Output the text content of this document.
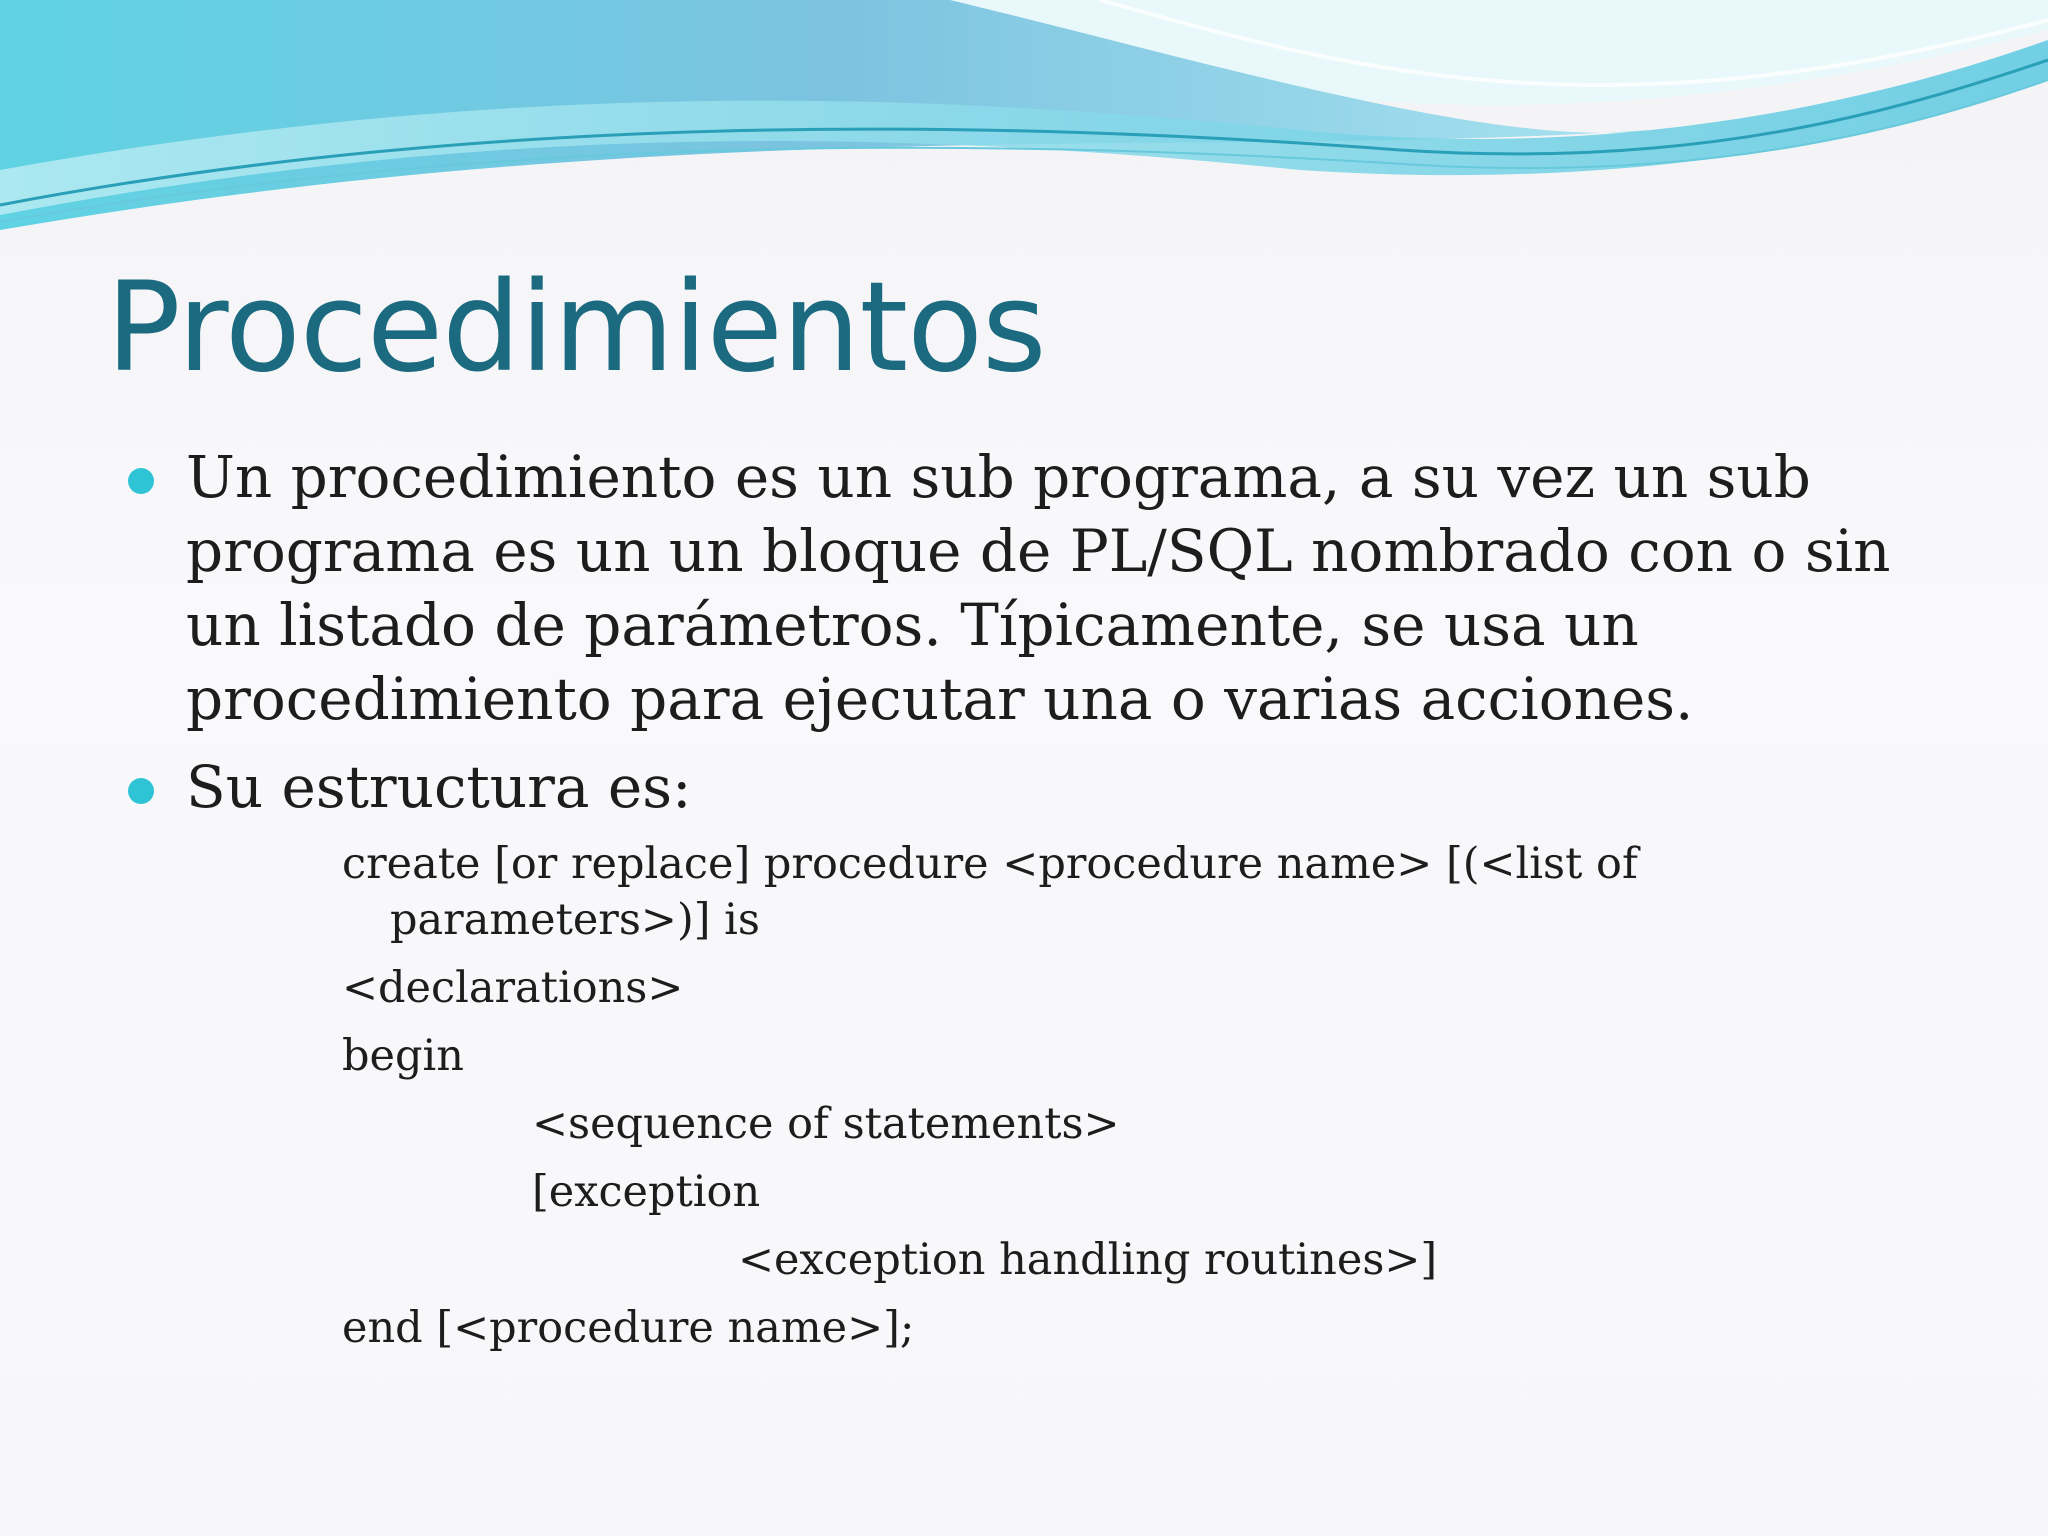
Procedimientos
Un procedimiento es un sub programa, a su vez un sub programa es un un bloque de PL/SQL nombrado con o sin un listado de parámetros. Típicamente, se usa un procedimiento para ejecutar una o varias acciones.
Su estructura es:
create [or replace] procedure <procedure name> [(<list of parameters>)] is
<declarations>
begin
<sequence of statements>
[exception
<exception handling routines>]
end [<procedure name>];
